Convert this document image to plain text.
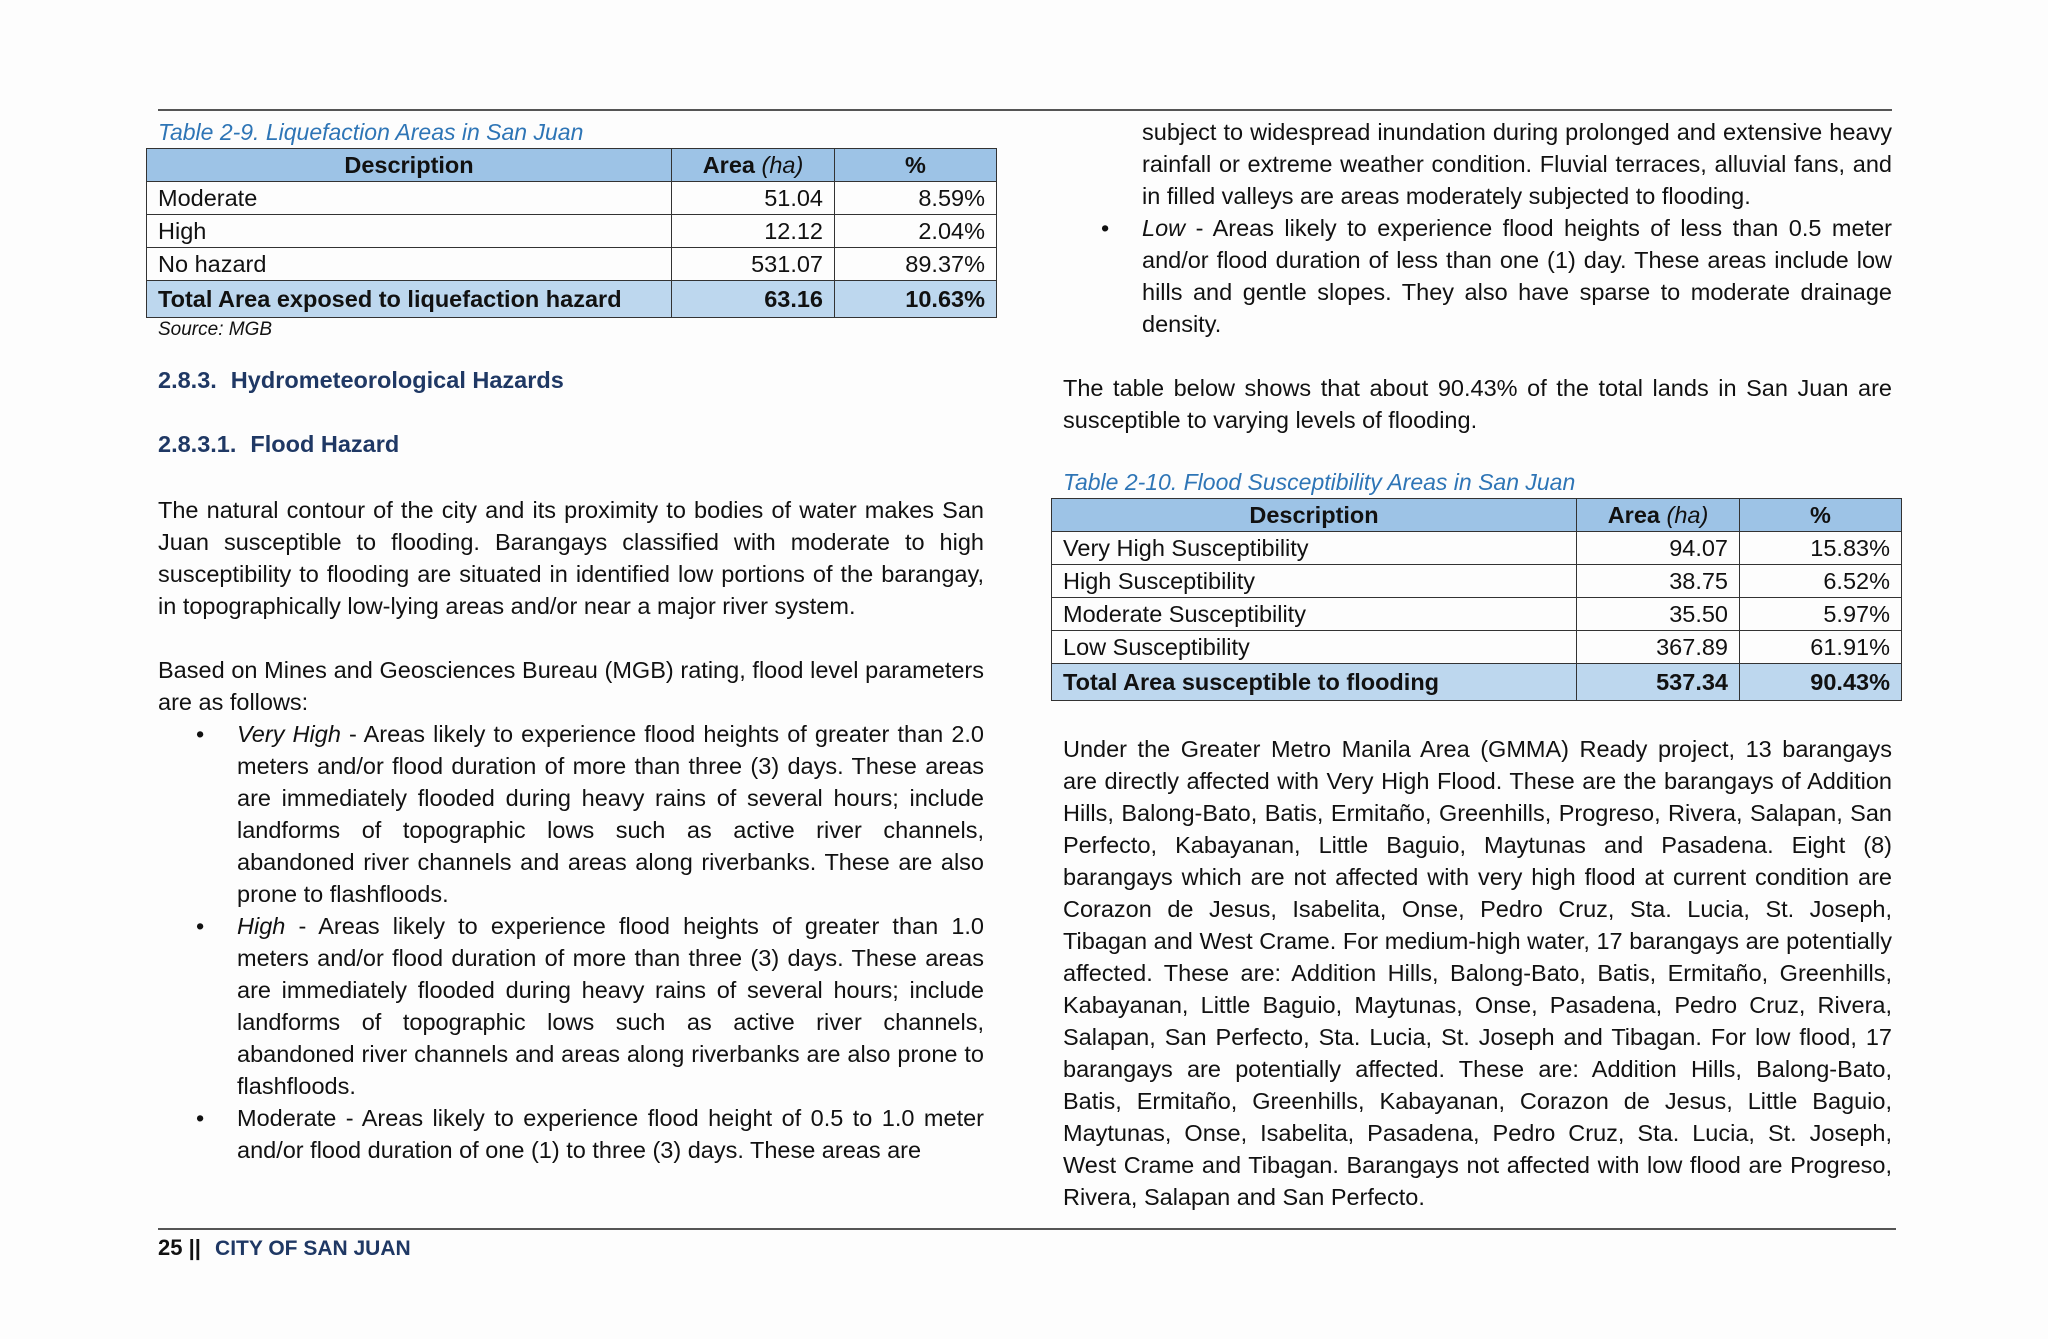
Table 2-9. Liquefaction Areas in San Juan
Description	Area (ha)	%
Moderate	51.04	8.59%
High	12.12	2.04%
No hazard	531.07	89.37%
Total Area exposed to liquefaction hazard	63.16	10.63%
Source: MGB
2.8.3. Hydrometeorological Hazards
2.8.3.1. Flood Hazard

The natural contour of the city and its proximity to bodies of water makes San Juan susceptible to flooding. Barangays classified with moderate to high susceptibility to flooding are situated in identified low portions of the barangay, in topographically low-lying areas and/or near a major river system.

Based on Mines and Geosciences Bureau (MGB) rating, flood level parameters are as follows:

• Very High - Areas likely to experience flood heights of greater than 2.0 meters and/or flood duration of more than three (3) days. These areas are immediately flooded during heavy rains of several hours; include landforms of topographic lows such as active river channels, abandoned river channels and areas along riverbanks. These are also prone to flashfloods.
• High - Areas likely to experience flood heights of greater than 1.0 meters and/or flood duration of more than three (3) days. These areas are immediately flooded during heavy rains of several hours; include landforms of topographic lows such as active river channels, abandoned river channels and areas along riverbanks are also prone to flashfloods.
• Moderate - Areas likely to experience flood height of 0.5 to 1.0 meter and/or flood duration of one (1) to three (3) days. These areas are

subject to widespread inundation during prolonged and extensive heavy rainfall or extreme weather condition. Fluvial terraces, alluvial fans, and in filled valleys are areas moderately subjected to flooding.

• Low - Areas likely to experience flood heights of less than 0.5 meter and/or flood duration of less than one (1) day. These areas include low hills and gentle slopes. They also have sparse to moderate drainage density.

The table below shows that about 90.43% of the total lands in San Juan are susceptible to varying levels of flooding.

Table 2-10. Flood Susceptibility Areas in San Juan
Description	Area (ha)	%
Very High Susceptibility	94.07	15.83%
High Susceptibility	38.75	6.52%
Moderate Susceptibility	35.50	5.97%
Low Susceptibility	367.89	61.91%
Total Area susceptible to flooding	537.34	90.43%

Under the Greater Metro Manila Area (GMMA) Ready project, 13 barangays are directly affected with Very High Flood. These are the barangays of Addition Hills, Balong-Bato, Batis, Ermitaño, Greenhills, Progreso, Rivera, Salapan, San Perfecto, Kabayanan, Little Baguio, Maytunas and Pasadena. Eight (8) barangays which are not affected with very high flood at current condition are Corazon de Jesus, Isabelita, Onse, Pedro Cruz, Sta. Lucia, St. Joseph, Tibagan and West Crame. For medium-high water, 17 barangays are potentially affected. These are: Addition Hills, Balong-Bato, Batis, Ermitaño, Greenhills, Kabayanan, Little Baguio, Maytunas, Onse, Pasadena, Pedro Cruz, Rivera, Salapan, San Perfecto, Sta. Lucia, St. Joseph and Tibagan. For low flood, 17 barangays are potentially affected. These are: Addition Hills, Balong-Bato, Batis, Ermitaño, Greenhills, Kabayanan, Corazon de Jesus, Little Baguio, Maytunas, Onse, Isabelita, Pasadena, Pedro Cruz, Sta. Lucia, St. Joseph, West Crame and Tibagan. Barangays not affected with low flood are Progreso, Rivera, Salapan and San Perfecto.

25 || CITY OF SAN JUAN
